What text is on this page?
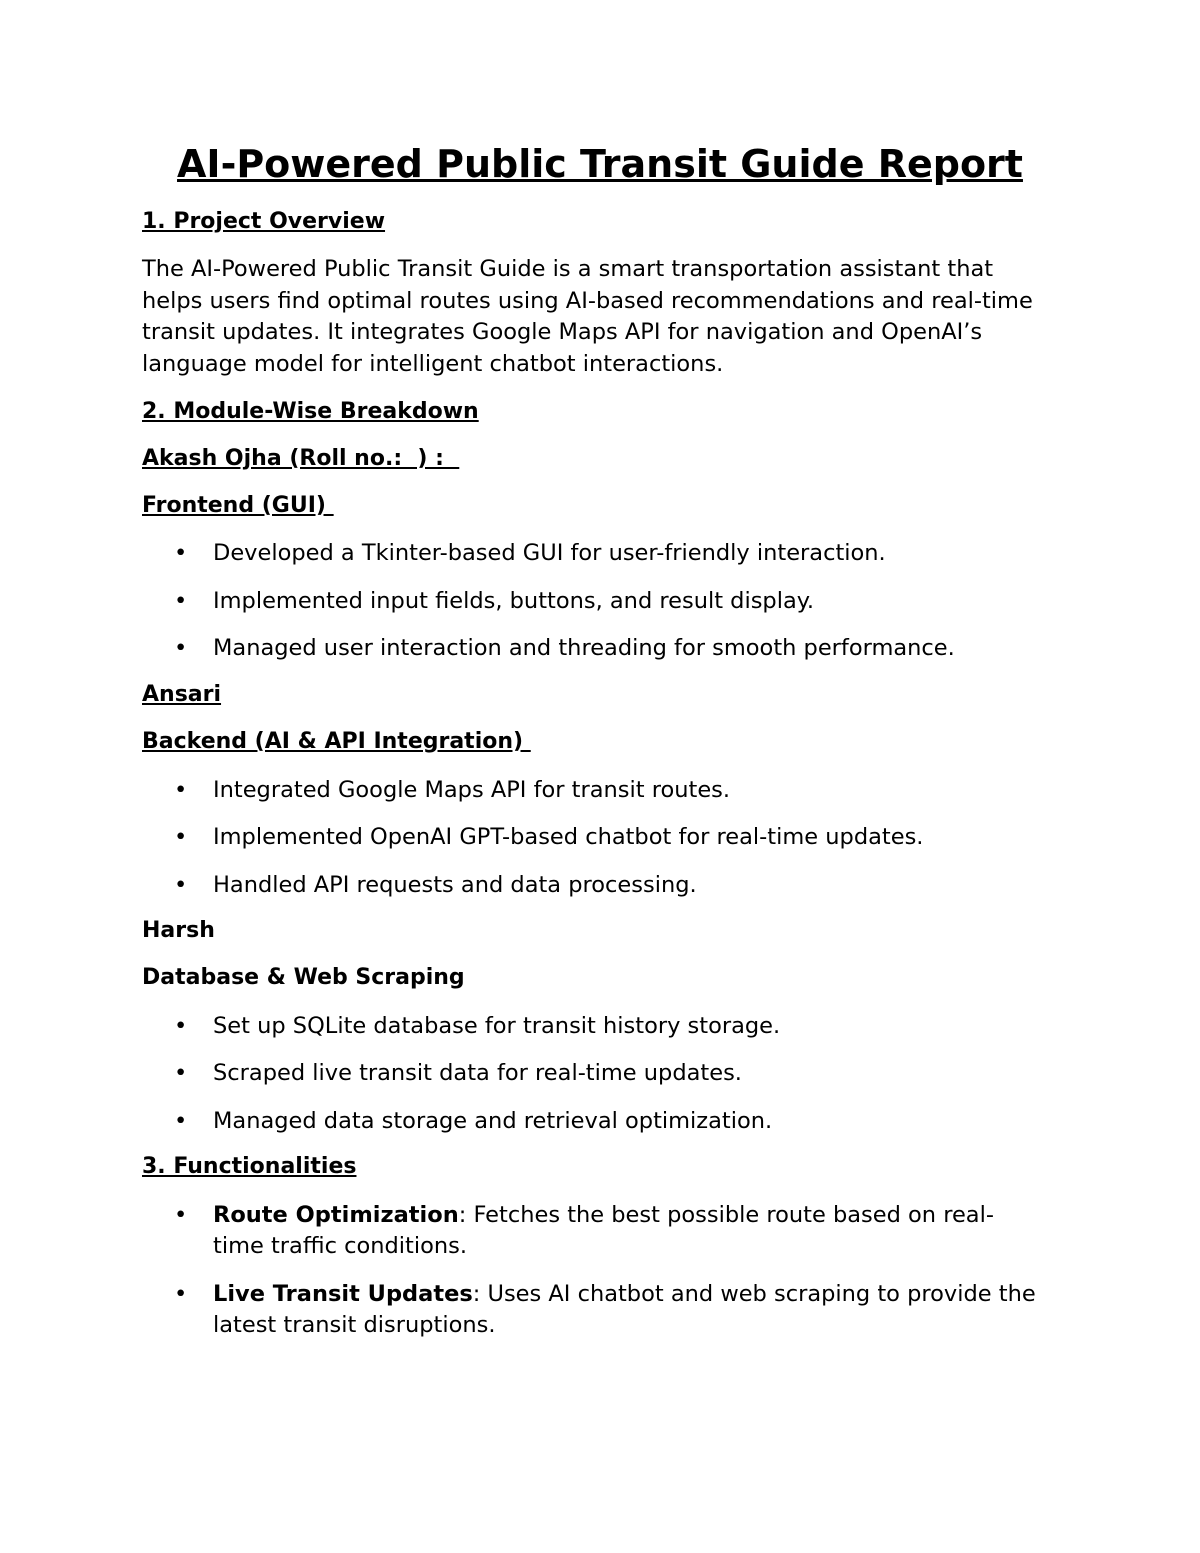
AI-Powered Public Transit Guide Report
1. Project Overview

The AI-Powered Public Transit Guide is a smart transportation assistant that helps users find optimal routes using AI-based recommendations and real-time transit updates. It integrates Google Maps API for navigation and OpenAI’s language model for intelligent chatbot interactions.

2. Module-Wise Breakdown
Akash Ojha (Roll no.:  ) :
Frontend (GUI)
• Developed a Tkinter-based GUI for user-friendly interaction.
• Implemented input fields, buttons, and result display.
• Managed user interaction and threading for smooth performance.
Ansari
Backend (AI & API Integration)
• Integrated Google Maps API for transit routes.
• Implemented OpenAI GPT-based chatbot for real-time updates.
• Handled API requests and data processing.
Harsh
Database & Web Scraping
• Set up SQLite database for transit history storage.
• Scraped live transit data for real-time updates.
• Managed data storage and retrieval optimization.
3. Functionalities
• Route Optimization: Fetches the best possible route based on real-time traffic conditions.
• Live Transit Updates: Uses AI chatbot and web scraping to provide the latest transit disruptions.
